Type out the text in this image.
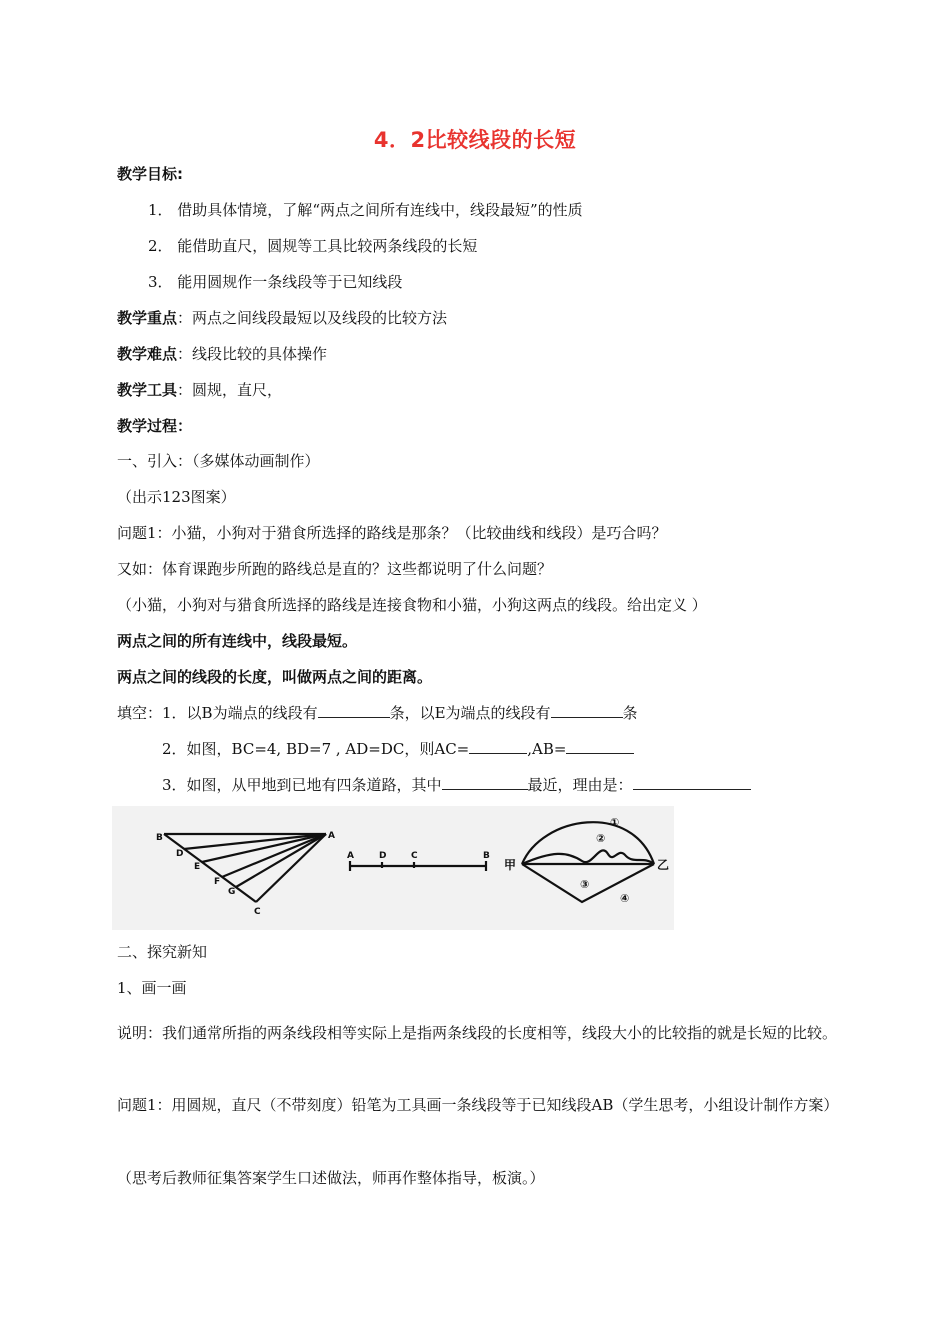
4．2比较线段的长短
教学目标:
1． 借助具体情境，了解“两点之间所有连线中，线段最短”的性质
2． 能借助直尺，圆规等工具比较两条线段的长短
3． 能用圆规作一条线段等于已知线段
教学重点：两点之间线段最短以及线段的比较方法
教学难点：线段比较的具体操作
教学工具：圆规，直尺，
教学过程：
一、引入：（多媒体动画制作）
（出示123图案）
问题1：小猫，小狗对于猎食所选择的路线是那条？（比较曲线和线段）是巧合吗？
又如：体育课跑步所跑的路线总是直的？这些都说明了什么问题？
（小猫，小狗对与猎食所选择的路线是连接食物和小猫，小狗这两点的线段。给出定义 ）
两点之间的所有连线中，线段最短。
两点之间的线段的长度，叫做两点之间的距离。
填空：1．以B为端点的线段有	条，以E为端点的线段有	条
2．如图，BC=4, BD=7 , AD=DC，则AC=	,AB=
3．如图，从甲地到已地有四条道路，其中	最近，理由是：
B	A
D
E
F
G
C
A	D	C	B
甲	乙
①
②
③
④
二、探究新知
1、画一画
说明：我们通常所指的两条线段相等实际上是指两条线段的长度相等，线段大小的比较指的就是长短的比较。
问题1：用圆规，直尺（不带刻度）铅笔为工具画一条线段等于已知线段AB（学生思考，小组设计制作方案）
（思考后教师征集答案学生口述做法，师再作整体指导，板演。）
